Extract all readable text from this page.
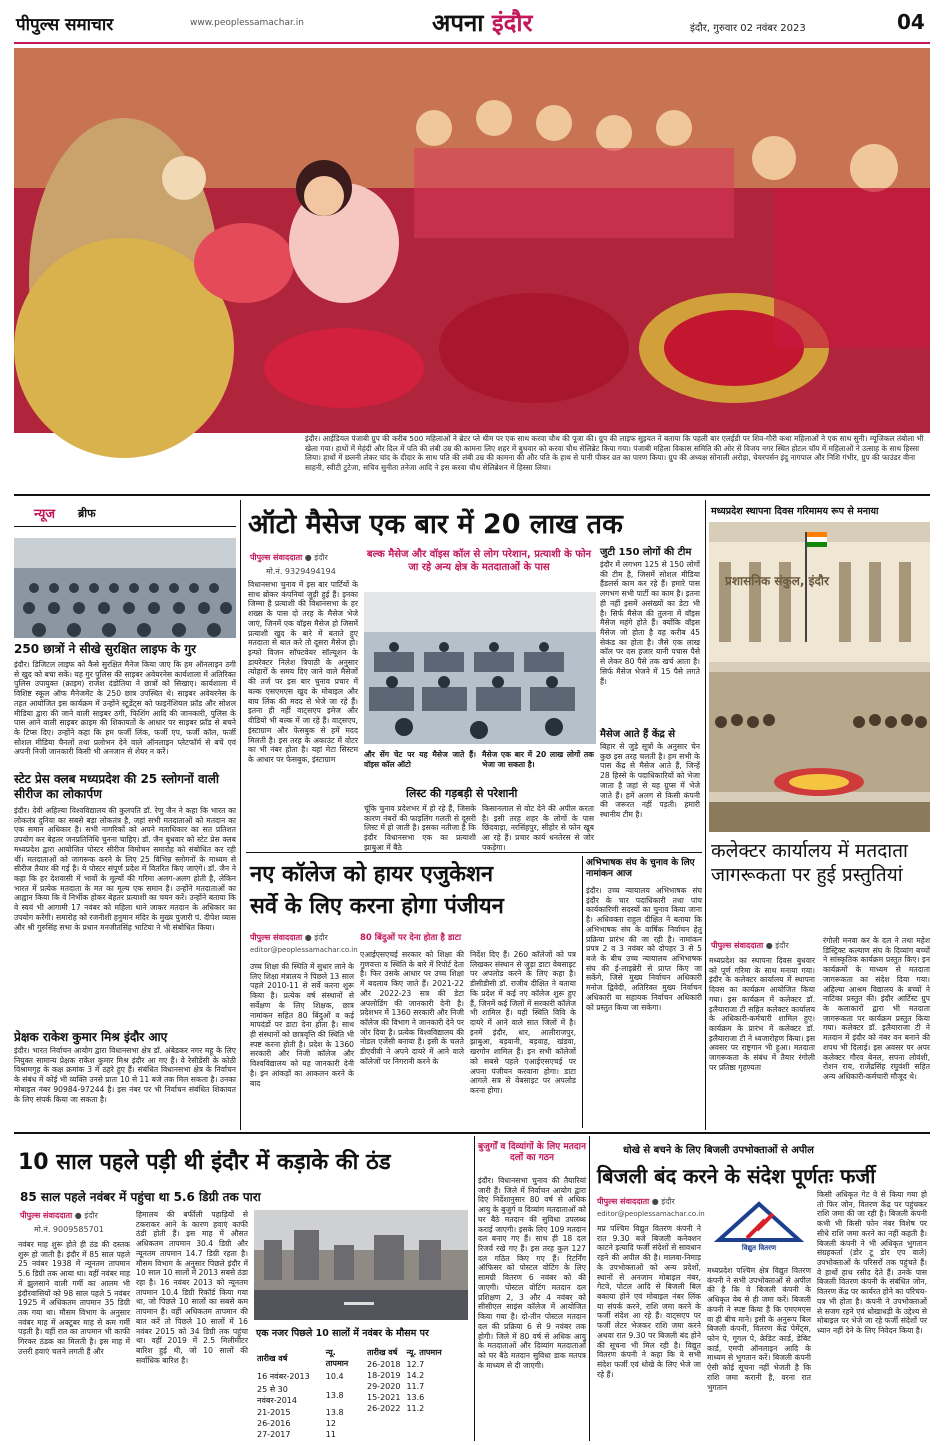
पीपुल्स समाचार	www.peoplessamachar.in	अपना इंदौर	इंदौर, गुरुवार 02 नवंबर 2023	04
इंदौर। आईडियल पंजाबी ग्रुप की करीब 500 महिलाओं ने ब्रेटर प्ले थीम पर एक साथ करवा चौथ की पूजा की। ग्रुप की लाइफ सुइयत ने बताया कि पहली बार एलईडी पर शिव-गौरी कथा महिलाओं ने एक साथ सुनी। म्यूजिकल तंबोला भी खेला गया। हाथों में मेहंदी और दिल में पति की लंबी उम्र की कामना लिए शहर में बुधवार को करवा चौथ सेलिब्रेट किया गया। पंजाबी महिला विकास समिति की ओर से विजय नगर स्थित होटल चॉय में महिलाओं ने उत्साह के साथ हिस्सा लिया। हाथों में छलनी लेकर चांद के दीदार के साथ पति की लंबी उम्र की कामना की और पति के हाथ से पानी पीकर व्रत का पारण किया। ग्रुप की अध्यक्ष सोनाली अरोड़ा, चेयरपर्सन इंदु नागपाल और निशि गंभीर, ग्रुप की फाउंडर वीना साहनी, स्वीटी टुटेजा, सचिव सुनीता तनेजा आदि ने इस करवा चौथ सेलिब्रेशन में हिस्सा लिया।
न्यूज ब्रीफ
250 छात्रों ने सीखे सुरक्षित लाइफ के गुर
इंदौर। डिजिटल लाइफ को कैसे सुरक्षित मैनेज किया जाए कि हम ऑनलाइन ठगी से खुद को बचा सकें। यह गुर पुलिस की साइबर अवेयरनेस कार्यशाला में अतिरिक्त पुलिस उपायुक्त (क्राइम) राजेश दंडोतिया ने छात्रों को सिखाए। कार्यशाला में विशिष्ट स्कूल ऑफ मैनेजमेंट के 250 छात्र उपस्थित थे। साइबर अवेयरनेस के तहत आयोजित इस कार्यक्रम में उन्होंने स्टूडेंट्स को फाइनेंशियल फ्रॉड और सोशल मीडिया द्वारा की जाने वाली साइबर ठगी, फिशिंग आदि की जानकारी, पुलिस के पास आने वाली साइबर क्राइम की शिकायतों के आधार पर साइबर फ्रॉड से बचने के टिप्स दिए। उन्होंने कहा कि हम फर्जी लिंक, फर्जी एप, फर्जी कॉल, फर्जी सोशल मीडिया चैनलों तथा प्रलोभन देने वाले ऑनलाइन प्लेटफॉर्म से बचें एवं अपनी निजी जानकारी किसी भी अनजान से शेयर न करें।
स्टेट प्रेस क्लब मध्यप्रदेश की 25 स्लोगनों वाली सीरीज का लोकार्पण
इंदौर। देवी अहिल्या विश्वविद्यालय की कुलपति डॉ. रेणु जैन ने कहा कि भारत का लोकतंत्र दुनिया का सबसे बड़ा लोकतंत्र है, जहां सभी मतदाताओं को मतदान का एक समान अधिकार है। सभी नागरिकों को अपने मताधिकार का सत प्रतिशत उपयोग कर बेहतर जनप्रतिनिधि चुनना चाहिए। डॉ. जैन बुधवार को स्टेट प्रेस क्लब मध्यप्रदेश द्वारा आयोजित पोस्टर सीरीज विमोचन समारोह को संबोधित कर रही थीं। मतदाताओं को जागरूक करने के लिए 25 विभिन्न स्लोगनों के माध्यम से सीरीज तैयार की गई है। ये पोस्टर संपूर्ण प्रदेश में वितरित किए जाएंगे। डॉ. जैन ने कहा कि हर देशवासी में भावों के मूल्यों की गरिमा अलग-अलग होती है, लेकिन भारत में प्रत्येक मतदाता के मत का मूल्य एक समान है। उन्होंने मतदाताओं का आह्वान किया कि वे निर्भीक होकर बेहतर प्रत्याशी का चयन करें। उन्होंने बताया कि वे स्वयं भी आगामी 17 नवंबर को महिला थाने जाकर मतदान के अधिकार का उपयोग करेंगी। समारोह को रजनीशी हनुमान मंदिर के मुख्य पुजारी पं. दीपेश व्यास और श्री गुरुसिंह सभा के प्रधान मनजीतसिंह भाटिया ने भी संबोधित किया।
प्रेक्षक राकेश कुमार मिश्र इंदौर आए
इंदौर। भारत निर्वाचन आयोग द्वारा विधानसभा क्षेत्र डॉ. अंबेडकर नगर महू के लिए नियुक्त सामान्य प्रेक्षक राकेश कुमार मिश्र इंदौर आ गए हैं। वे रेसीडेंसी के कोठी विश्रामगृह के कक्ष क्रमांक 3 में ठहरे हुए हैं। संबंधित विधानसभा क्षेत्र के निर्वाचन के संबंध में कोई भी व्यक्ति उनसे प्रातः 10 से 11 बजे तक मिल सकता है। उनका मोबाइल नंबर 90984-97244 है। इस नंबर पर भी निर्वाचन संबंधित शिकायत के लिए संपर्क किया जा सकता है।
ऑटो मैसेज एक बार में 20 लाख तक
पीपुल्स संवाददाता ● इंदौर
मो.नं. 9329494194
बल्क मैसेज और वॉइस कॉल से लोग परेशान, प्रत्याशी के फोन जा रहे अन्य क्षेत्र के मतदाताओं के पास
विधानसभा चुनाव में इस बार पार्टियों के साथ ब्रोकर कंपनियां जुड़ी हुई हैं। इनका जिम्मा है प्रत्याशी की विधानसभा के हर शख्स के पास दो तरह के मैसेज भेजे जाएं, जिनमें एक वॉइस मैसेज हो जिसमें प्रत्याशी खुद के बारे में बताते हुए मतदाता से बात करे तो दूसरा मैसेज हो। इन्फो विजन सॉफ्टवेयर सॉल्यूशन के डायरेक्टर निलेश त्रिपाठी के अनुसार त्योहारों के समय दिए जाने वाले मैसेजों की तर्ज पर इस बार चुनाव प्रचार में बल्क एसएमएस खुद के मोबाइल और बाय लिंक की मदद से भेजे जा रहे हैं। इतना ही नहीं वाट्सएप इमेज और वीडियो भी बल्क में जा रहे हैं। वाट्सएप, इंस्टाग्राम और फेसबुक से हमें मदद मिलती है। इस तरह के अकाउंट में वोटर का भी नंबर होता है। यहां मेटा सिस्टम के आधार पर फेसबुक, इंस्टाग्राम
और सेंग चेट पर यह मैसेज जाते हैं। वॉइस कॉल ऑटो
मैसेज एक बार में 20 लाख लोगों तक भेजा जा सकता है।
लिस्ट की गड़बड़ी से परेशानी
चूंकि चुनाव प्रदेशभर में हो रहे हैं, जिसके कारण नंबरों की फाइलिंग गलती से दूसरी लिस्ट में हो जाती है। इसका नतीजा है कि इंदौर विधानसभा एक का प्रत्याशी झाबुआ में बैठे
किसानलाल से वोट देने की अपील करता है। इसी तरह शहर के लोगों के पास छिंदवाड़ा, नरसिंहपुर, सीहोर से फोन खूब आ रहे हैं। प्रचार कार्य धनतेरस से जोर पकड़ेगा।
जुटी 150 लोगों की टीम
इंदौर में लगभग 125 से 150 लोगों की टीम है, जिसमें सोशल मीडिया हैंडलर्स काम कर रहे हैं। हमारे पास लगभग सभी पार्टी का काम है। इतना ही नहीं इसमें असंख्यों का डेटा भी है। सिर्फ मैसेज की तुलना में वॉइस मैसेज महंगे होते हैं। क्योंकि वॉइस मैसेज जो होता है वह करीब 45 सेकंड का होता है। जैसे एक लाख कॉल पर दस हजार यानी पचास पैसे से लेकर 80 पैसे तक खर्च आता है। सिर्फ मैसेज भेजने में 15 पैसे लगते हैं।
मैसेज आते हैं केंद्र से
बिहार से जुड़े सूत्रों के अनुसार चेन कुछ इस तरह चलती है। हम सभी के पास केंद्र से मैसेज आते हैं, जिन्हें 28 हिस्से के पदाधिकारियों को भेजा जाता है जहां से यह ग्रुप्स में भेजे जाते हैं। हमें अलग से किसी कंपनी की जरूरत नहीं पड़ती। हमारी स्थानीय टीम है।
मध्यप्रदेश स्थापना दिवस गरिमामय रूप से मनाया
प्रशासनिक संकुल, इंदौर
कलेक्टर कार्यालय में मतदाता जागरूकता पर हुई प्रस्तुतियां
पीपुल्स संवाददाता ● इंदौर
मध्यप्रदेश का स्थापना दिवस बुधवार को पूर्ण गरिमा के साथ मनाया गया। इंदौर के कलेक्टर कार्यालय में स्थापना दिवस का कार्यक्रम आयोजित किया गया। इस कार्यक्रम में कलेक्टर डॉ. इलैयाराजा टी सहित कलेक्टर कार्यालय के अधिकारी-कर्मचारी शामिल हुए। कार्यक्रम के प्रारंभ में कलेक्टर डॉ. इलैयाराजा टी ने ध्वजारोहण किया। इस अवसर पर राष्ट्रगान भी हुआ। मतदाता जागरूकता के संबंध में तैयार रंगोली पर प्रतिष्ठा गृहण्यता
रंगोली मनवा कर के दल ने तथा महेश डिस्ट्रिक्ट कल्याण संघ के दिव्यांग बच्चों ने सांस्कृतिक कार्यक्रम प्रस्तुत किए। इन कार्यक्रमों के माध्यम से मतदाता जागरूकता का संदेश दिया गया। अहिल्या आश्रम विद्यालय के बच्चों ने नाटिका प्रस्तुत की। इंदौर आर्टिस्ट ग्रुप के कलाकारों द्वारा भी मतदाता जागरूकता पर कार्यक्रम प्रस्तुत किया गया। कलेक्टर डॉ. इलैयाराजा टी ने मतदान में इंदौर को नंबर वन बनाने की शपथ भी दिलाई। इस अवसर पर अपर कलेक्टर गौरव बेनल, सपना लोवंशी, रोशन राय, राजेंद्रसिंह रघुवंशी सहित अन्य अधिकारी-कर्मचारी मौजूद थे।
नए कॉलेज को हायर एजुकेशन
सर्वे के लिए करना होगा पंजीयन
पीपुल्स संवाददाता ● इंदौर
editor@peoplessamachar.co.in
80 बिंदुओं पर देना होता है डाटा
उच्च शिक्षा की स्थिति में सुधार लाने के लिए शिक्षा मंत्रालय ने पिछले 13 साल पहले 2010-11 से सर्वे करना शुरू किया है। प्रत्येक वर्ष संस्थानों से सर्वेक्षण के लिए शिक्षक, छात्र नामांकन सहित 80 बिंदुओं व कई मापदंडों पर डाटा देना होता है। साथ ही संस्थानों को छात्रवृत्ति की स्थिति भी स्पष्ट करना होती है। प्रदेश के 1360 सरकारी और निजी कॉलेज और विश्वविद्यालय को यह जानकारी देनी है। इन आंकड़ों का आकलन करने के बाद
एआईएसएचई सरकार को शिक्षा की गुणवत्ता व स्थिति के बारे में रिपोर्ट देता है। फिर उसके आधार पर उच्च शिक्षा में बदलाव किए जाते हैं। 2021-22 और 2022-23 सत्र की डेटा अपलोडिंग की जानकारी देनी है। प्रदेशभर में 1360 सरकारी और निजी कॉलेज की विभाग ने जानकारी देने पर जोर दिया है। प्रत्येक विश्वविद्यालय की नोडल एजेंसी बनाया है। इसी के चलते डीएवीवी ने अपने दायरे में आने वाले कॉलेजों पर निगरानी करने के
निर्देश दिए हैं। 260 कॉलेजों को पत्र लिखकर संस्थान से जुड़ा डाटा वेबसाइट पर अपलोड करने के लिए कहा है। डीसीडीसी डॉ. राजीव दीक्षित ने बताया कि प्रदेश में कई नए कॉलेज शुरू हुए हैं, जिनमें कई जिलों में सरकारी कॉलेज भी शामिल हैं। यही स्थिति विवि के दायरे में आने वाले सात जिलों में है। इनमें इंदौर, धार, आलीराजपुर, झाबुआ, बड़वानी, बड़वाह, खंडवा, खरगोन शामिल हैं। इन सभी कॉलेजों को सबसे पहले एआईएसएचई पर अपना पंजीयन करवाना होगा। डाटा आगले सत्र से वेबसाइट पर अपलोड करना होगा।
अभिभाषक संघ के चुनाव के लिए नामांकन आज
इंदौर। उच्च न्यायालय अभिभाषक संघ इंदौर के चार पदाधिकारी तथा पांच कार्यकारिणी सदस्यों का चुनाव किया जाना है। अधिवक्ता राहुल दीक्षित ने बताया कि अभिभाषक संघ के वार्षिक निर्वाचन हेतु प्रक्रिया प्रारंभ की जा रही है। नामांकन प्रपत्र 2 व 3 नवंबर को दोपहर 3 से 5 बजे के बीच उच्च न्यायालय अभिभाषक संघ की ई-लाइब्रेरी से प्राप्त किए जा सकेंगे, जिसे मुख्य निर्वाचन अधिकारी मनोज द्विवेदी, अतिरिक्त मुख्य निर्वाचन अधिकारी या सहायक निर्वाचन अधिकारी को प्रस्तुत किया जा सकेगा।
10 साल पहले पड़ी थी इंदौर में कड़ाके की ठंड
85 साल पहले नवंबर में पहुंचा था 5.6 डिग्री तक पारा
पीपुल्स संवाददाता ● इंदौर
मो.नं. 9009585701
नवंबर माह शुरू होते ही ठंड की दस्तक शुरू हो जाती है। इंदौर में 85 साल पहले 25 नवंबर 1938 में न्यूनतम तापमान 5.6 डिग्री तक आया था। वहीं नवंबर माह में झुलसाने वाली गर्मी का आलम भी इंदौरवासियों को 98 साल पहले 5 नवंबर 1925 में अधिकतम तापमान 35 डिग्री तक गया था। मौसम विभाग के अनुसार नवंबर माह में अक्टूबर माह से कम गर्मी पड़ती है। वहीं रात का तापमान भी काफी गिरकर ठंडक का मिलती है। इस माह में उत्तरी हवाएं चलने लगती हैं और
हिमालय की बर्फीली पहाड़ियों से टकराकर आने के कारण हवाएं काफी ठंडी होती हैं। इस माह में औसत अधिकतम तापमान 30.4 डिग्री और न्यूनतम तापमान 14.7 डिग्री रहता है। मौसम विभाग के अनुसार पिछले इंदौर में 10 साल 10 सालों में 2013 सबसे ठंडा रहा है। 16 नवंबर 2013 को न्यूनतम तापमान 10.4 डिग्री रिकॉर्ड किया गया था, जो पिछले 10 सालों का सबसे कम तापमान है। वहीं अधिकतम तापमान की बात करें तो पिछले 10 सालों में 16 नवंबर 2015 को 34 डिग्री तक पहुंचा था। वहीं 2019 में 2.5 मिलीमीटर बारिश हुई थी, जो 10 सालों की सर्वाधिक बारिश है।
एक नजर पिछले 10 सालों में नवंबर के मौसम पर
तारीख वर्ष	न्यू. तापमान
16 नवंबर-2013	10.4
25 से 30 नवंबर-2014	13.8
21-2015	13.8
26-2016	12
27-2017	11
तारीख वर्ष	न्यू. तापमान
26-2018	12.7
18-2019	14.2
29-2020	11.7
15-2021	13.6
26-2022	11.2
बुजुर्गों व दिव्यांगों के लिए मतदान दलों का गठन
इंदौर। विधानसभा चुनाव की तैयारियां जारी हैं। जिले में निर्वाचन आयोग द्वारा दिए निर्देशानुसार 80 वर्ष से अधिक आयु के बुजुर्ग व दिव्यांग मतदाताओं को घर बैठे मतदान की सुविधा उपलब्ध कराई जाएगी। इसके लिए 109 मतदान दल बनाए गए हैं। साथ ही 18 दल रिजर्व रखे गए हैं। इस तरह कुल 127 दल गठित किए गए हैं। रिटर्निंग ऑफिसर को पोस्टल वोटिंग के लिए सामग्री वितरण 6 नवंबर को की जाएगी। पोस्टल वोटिंग मतदान दल प्रशिक्षण 2, 3 और 4 नवंबर को सीसीएल साइंस कॉलेज में आयोजित किया गया है। दो-तीन पोस्टल मतदान दल की प्रक्रिया 6 से 9 नवंबर तक होगी। जिले में 80 वर्ष से अधिक आयु के मतदाताओं और दिव्यांग मतदाताओं को घर बैठे मतदान सुविधा डाक मतपत्र के माध्यम से दी जाएगी।
धोखे से बचने के लिए बिजली उपभोक्ताओं से अपील
बिजली बंद करने के संदेश पूर्णतः फर्जी
पीपुल्स संवाददाता ● इंदौर
editor@peoplessamachar.co.in
मप्र पश्चिम विद्युत वितरण कंपनी ने रात 9.30 बजे बिजली कनेक्शन काटने इत्यादि फर्जी संदेशों से सावधान रहने की अपील की है। मालवा-निमाड़ के उपभोक्ताओं को अन्य प्रदेशों, स्थानों से अनजान मोबाइल नंबर, गेटवे, पोटल आदि से बिजली बिल बकाया होने एवं मोबाइल नंबर लिंक या संपर्क करने, राशि जमा करने के फर्जी संदेश आ रहे हैं। वाट्सएप पर फर्जी लेटर भेजकर राशि जमा करने अथवा रात 9.30 पर बिजली बंद होने की सूचना भी मिल रही है। विद्युत वितरण कंपनी ने कहा कि ये सभी संदेश फर्जी एवं धोखे के लिए भेजे जा रहे हैं।
विद्युत वितरण
मध्यप्रदेश पश्चिम क्षेत्र विद्युत वितरण कंपनी ने सभी उपभोक्ताओं से अपील की है कि वे बिजली कंपनी के अधिकृत वेब से ही जमा करें। बिजली कंपनी ने स्पष्ट किया है कि एमएमएस वा ही बीच माने। इसी के अनुरूप बिल बिजली कंपनी, वितरण केंद्र पेमेंट्स, फोन पे, गूगल पे, क्रेडिट कार्ड, डेबिट कार्ड, एमपी ऑनलाइन आदि के माध्यम से भुगतान करें। बिजली कंपनी ऐसी कोई सूचना नहीं भेजती है कि राशि जमा करानी है, वरना रात भुगतान
किसी अधिकृत गेट वे से किया गया हो तो फिर जोन, वितरण केंद्र पर पहुंचकर राशि जमा की जा रही है। बिजली कंपनी कभी भी किसी फोन नंबर विशेष पर सीधे राशि जमा करने का नहीं कहती है। बिजली कंपनी ने भी अधिकृत भुगतान संग्रहकर्ता (डोर टू डोर एप वाले) उपभोक्ताओं के परिसरों तक पहुंचते हैं। वे हाथों हाथ रसीद देते हैं। उनके पास बिजली वितरण कंपनी के संबंधित जोन, वितरण केंद्र पर कार्यरत होने का परिचय-पत्र भी होता है। कंपनी ने उपभोक्ताओं से सजग रहने एवं धोखाधड़ी के उद्देश्य से मोबाइल पर भेजे जा रहे फर्जी संदेशों पर ध्यान नहीं देने के लिए निवेदन किया है।
